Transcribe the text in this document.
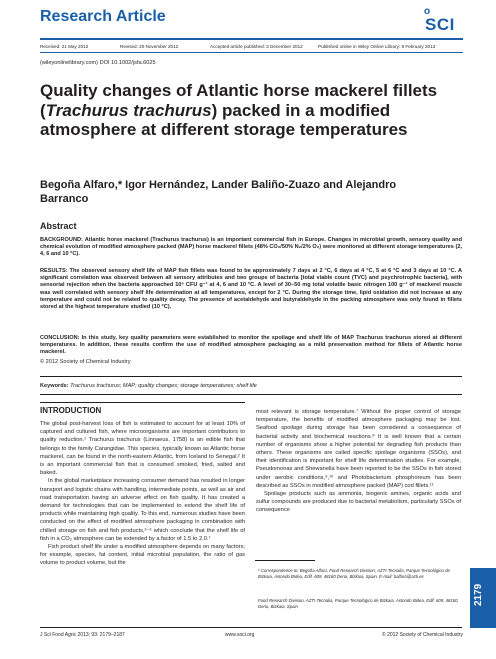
Research Article	o
SCI
Received: 21 May 2012	Revised: 20 November 2012	Accepted article published: 3 December 2012	Published online in Wiley Online Library: 8 February 2013
(wileyonlinelibrary.com) DOI 10.1002/jsfa.6025
Quality changes of Atlantic horse mackerel fillets (Trachurus trachurus) packed in a modified atmosphere at different storage temperatures
Begoña Alfaro,* Igor Hernández, Lander Baliño-Zuazo and Alejandro Barranco
Abstract
BACKGROUND: Atlantic horse mackerel (Trachurus trachurus) is an important commercial fish in Europe. Changes in microbial growth, sensory quality and chemical evolution of modified atmosphere packed (MAP) horse mackerel fillets (48% CO₂/50% N₂/2% O₂) were monitored at different storage temperatures (2, 4, 6 and 10 °C).
RESULTS: The observed sensory shelf life of MAP fish fillets was found to be approximately 7 days at 2 °C, 6 days at 4 °C, 5 at 6 °C and 3 days at 10 °C. A significant correlation was observed between all sensory attributes and two groups of bacteria [total viable count (TVC) and psychrotrophic bacteria], with sensorial rejection when the bacteria approached 10⁶ CFU g⁻¹ at 4, 6 and 10 °C. A level of 30–50 mg total volatile basic nitrogen 100 g⁻¹ of mackerel muscle was well correlated with sensory shelf life determination at all temperatures, except for 2 °C. During the storage time, lipid oxidation did not increase at any temperature and could not be related to quality decay. The presence of acetaldehyde and butyraldehyde in the packing atmosphere was only found in fillets stored at the highest temperature studied (10 °C).
CONCLUSION: In this study, key quality parameters were established to monitor the spoilage and shelf life of MAP Trachurus trachurus stored at different temperatures. In addition, these results confirm the use of modified atmosphere packaging as a mild preservation method for fillets of Atlantic horse mackerel.
© 2012 Society of Chemical Industry
Keywords: Trachurus trachurus; MAP; quality changes; storage temperatures; shelf life
INTRODUCTION

The global post-harvest loss of fish is estimated to account for at least 10% of captured and cultured fish, where microorganisms are important contributors to quality reduction.¹ Trachurus trachurus (Linnaeus, 1758) is an edible fish that belongs to the family Carangidae. This species, typically known as Atlantic horse mackerel, can be found in the north-eastern Atlantic, from Iceland to Senegal.² It is an important commercial fish that is consumed smoked, fried, salted and baked.

In the global marketplace increasing consumer demand has resulted in longer transport and logistic chains with handling, intermediate points, as well as air and road transportation having an adverse effect on fish quality. It has created a demand for technologies that can be implemented to extend the shelf life of products while maintaining high quality. To this end, numerous studies have been conducted on the effect of modified atmosphere packaging in combination with chilled storage on fish and fish products,³⁻⁶ which conclude that the shelf life of fish in a CO₂ atmosphere can be extended by a factor of 1.5 to 2.0.⁷

Fish product shelf life under a modified atmosphere depends on many factors; for example, species, fat content, initial microbial population, the ratio of gas volume to product volume, but the

most relevant is storage temperature.⁷ Without the proper control of storage temperature, the benefits of modified atmosphere packaging may be lost. Seafood spoilage during storage has been considered a consequence of bacterial activity and biochemical reactions.⁸ It is well known that a certain number of organisms show a higher potential for degrading fish products than others. These organisms are called specific spoilage organisms (SSOs), and their identification is important for shelf life determination studies. For example, Pseudomonas and Shewanella have been reported to be the SSOs in fish stored under aerobic conditions,⁹,¹⁰ and Photobacterium phosphoreum has been described as SSOs in modified atmosphere packed (MAP) cod fillets.¹¹

Spoilage products such as ammonia, biogenic amines, organic acids and sulfur compounds are produced due to bacterial metabolism, particularly SSOs of consequence

* Correspondence to: Begoña Alfaro, Food Research Division, AZTI-Tecnalia, Parque Tecnológico de Bizkaia, Astondo Bidea, Edif. 609, 48160 Derio, Bizkaia, Spain. E-mail: balfaro@azti.es
Food Research Division, AZTI-Tecnalia, Parque Tecnológico de Bizkaia, Astondo Bidea, Edif. 609, 48160, Derio, Bizkaia, Spain
J Sci Food Agric 2013; 93: 2179–2187	www.soci.org	© 2012 Society of Chemical Industry
2179
